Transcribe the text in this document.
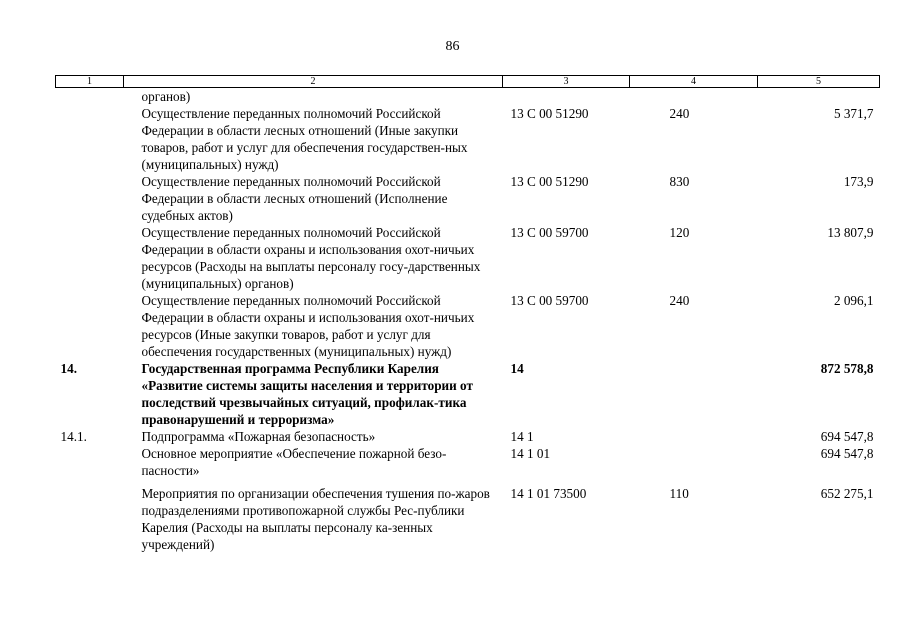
86
1	2	3	4	5
	органов)			
	Осуществление переданных полномочий Российской Федерации в области лесных отношений (Иные закупки товаров, работ и услуг для обеспечения государствен-ных (муниципальных) нужд)	13 С 00 51290	240	5 371,7
	Осуществление переданных полномочий Российской Федерации в области лесных отношений (Исполнение судебных актов)	13 С 00 51290	830	173,9
	Осуществление переданных полномочий Российской Федерации в области охраны и использования охот-ничьих ресурсов (Расходы на выплаты персоналу госу-дарственных (муниципальных) органов)	13 С 00 59700	120	13 807,9
	Осуществление переданных полномочий Российской Федерации в области охраны и использования охот-ничьих ресурсов (Иные закупки товаров, работ и услуг для обеспечения государственных (муниципальных) нужд)	13 С 00 59700	240	2 096,1
14.	Государственная программа Республики Карелия «Развитие системы защиты населения и территории от последствий чрезвычайных ситуаций, профилак-тика правонарушений и терроризма»	14		872 578,8
14.1.	Подпрограмма «Пожарная безопасность»	14 1		694 547,8
	Основное мероприятие «Обеспечение пожарной безо-пасности»	14 1 01		694 547,8
	Мероприятия по организации обеспечения тушения по-жаров подразделениями противопожарной службы Рес-публики Карелия (Расходы на выплаты персоналу ка-зенных учреждений)	14 1 01 73500	110	652 275,1
